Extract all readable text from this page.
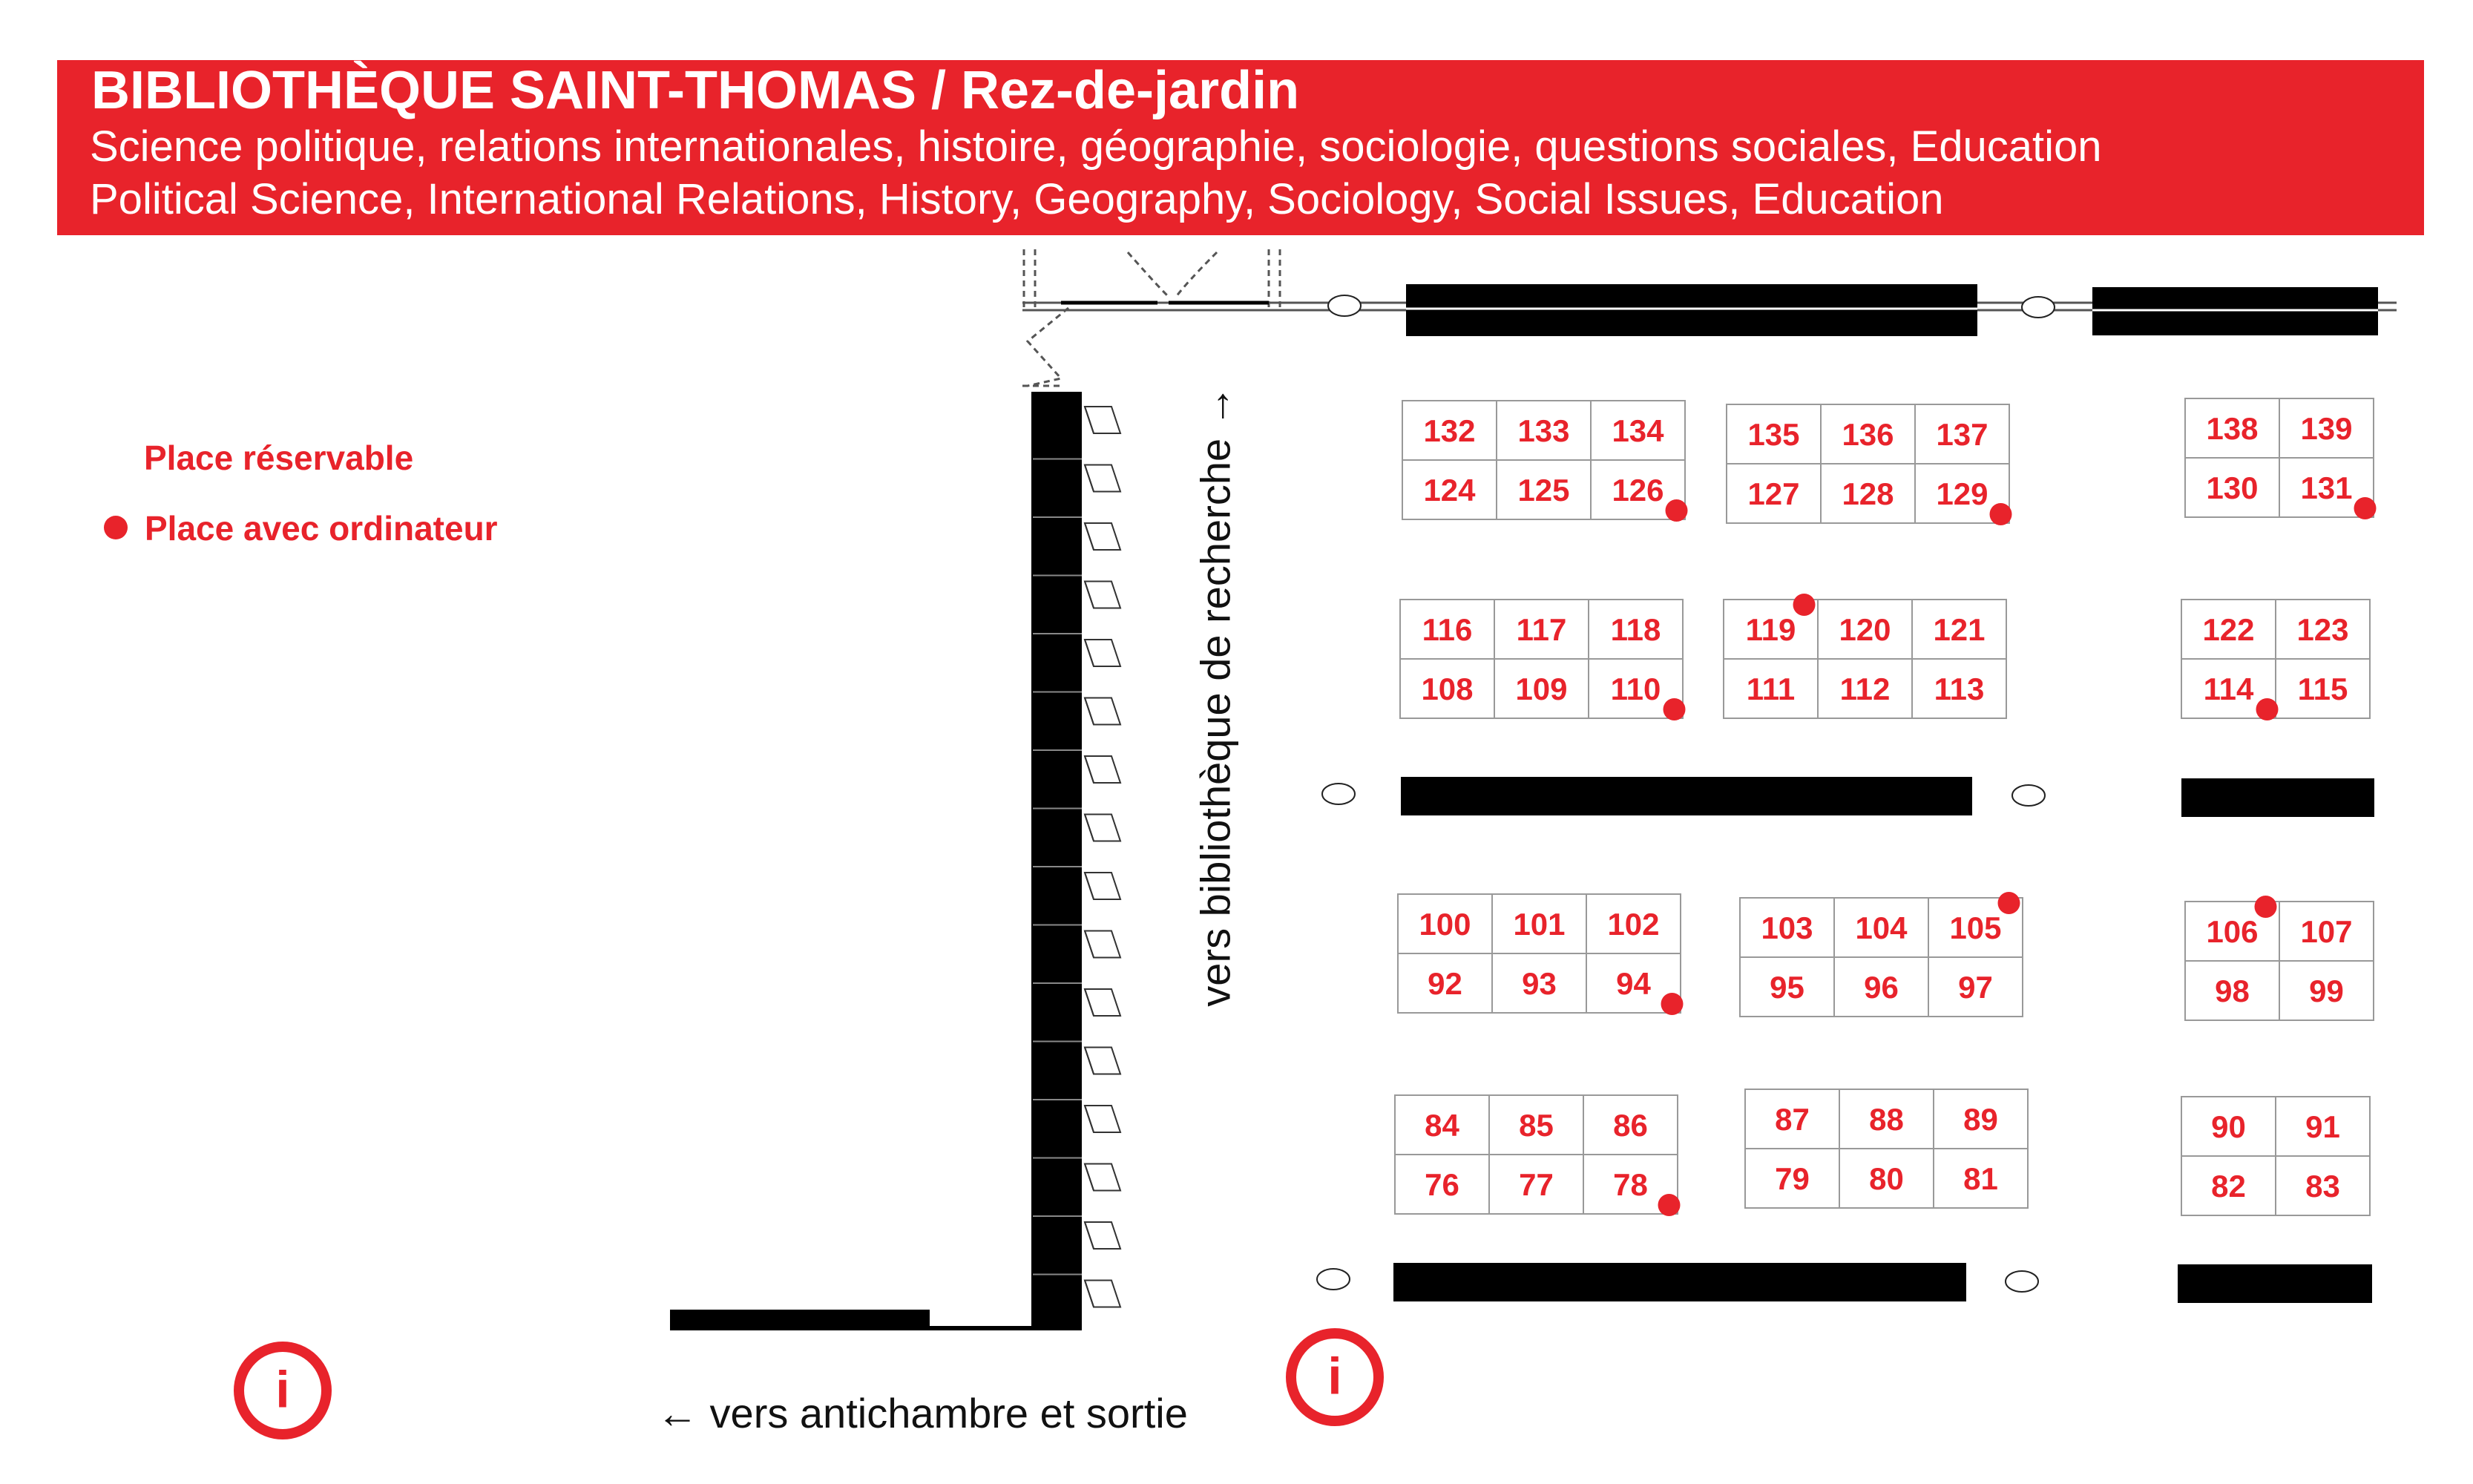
BIBLIOTHÈQUE SAINT-THOMAS / Rez-de-jardin
Science politique, relations internationales, histoire, géographie, sociologie, questions sociales, Education
Political Science, International Relations, History, Geography, Sociology, Social Issues, Education
Place réservable
Place avec ordinateur
132 133 134
124 125 126
135 136 137
127 128 129
138 139
130 131
116 117 118
108 109 110
119 120 121
111 112 113
122 123
114 115
100 101 102
92 93 94
103 104 105
95 96 97
106 107
98 99
84 85 86
76 77 78
87 88 89
79 80 81
90 91
82 83
vers bibliothèque de recherche →
← vers antichambre et sortie
i	i
